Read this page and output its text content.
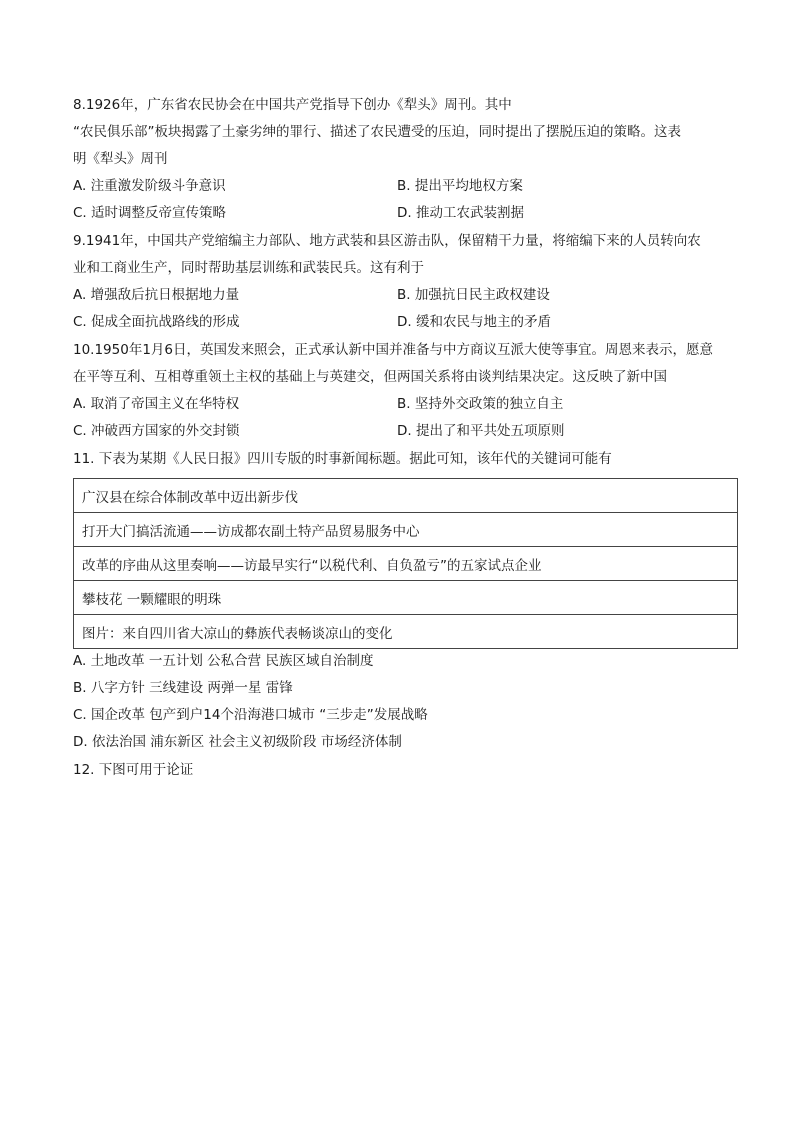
8.1926年，广东省农民协会在中国共产党指导下创办《犁头》周刊。其中
“农民俱乐部”板块揭露了土豪劣绅的罪行、描述了农民遭受的压迫，同时提出了摆脱压迫的策略。这表
明《犁头》周刊
A. 注重激发阶级斗争意识	B. 提出平均地权方案
C. 适时调整反帝宣传策略	D. 推动工农武装割据
9.1941年，中国共产党缩编主力部队、地方武装和县区游击队，保留精干力量，将缩编下来的人员转向农
业和工商业生产，同时帮助基层训练和武装民兵。这有利于
A. 增强敌后抗日根据地力量	B. 加强抗日民主政权建设
C. 促成全面抗战路线的形成	D. 缓和农民与地主的矛盾
10.1950年1月6日，英国发来照会，正式承认新中国并准备与中方商议互派大使等事宜。周恩来表示，愿意
在平等互利、互相尊重领土主权的基础上与英建交，但两国关系将由谈判结果决定。这反映了新中国
A. 取消了帝国主义在华特权	B. 坚持外交政策的独立自主
C. 冲破西方国家的外交封锁	D. 提出了和平共处五项原则
11. 下表为某期《人民日报》四川专版的时事新闻标题。据此可知，该年代的关键词可能有
广汉县在综合体制改革中迈出新步伐
打开大门搞活流通——访成都农副土特产品贸易服务中心
改革的序曲从这里奏响——访最早实行“以税代利、自负盈亏”的五家试点企业
攀枝花 一颗耀眼的明珠
图片：来自四川省大凉山的彝族代表畅谈凉山的变化
A. 土地改革 一五计划 公私合营 民族区域自治制度
B. 八字方针 三线建设 两弹一星 雷锋
C. 国企改革 包产到户14个沿海港口城市 “三步走”发展战略
D. 依法治国 浦东新区 社会主义初级阶段 市场经济体制
12. 下图可用于论证
